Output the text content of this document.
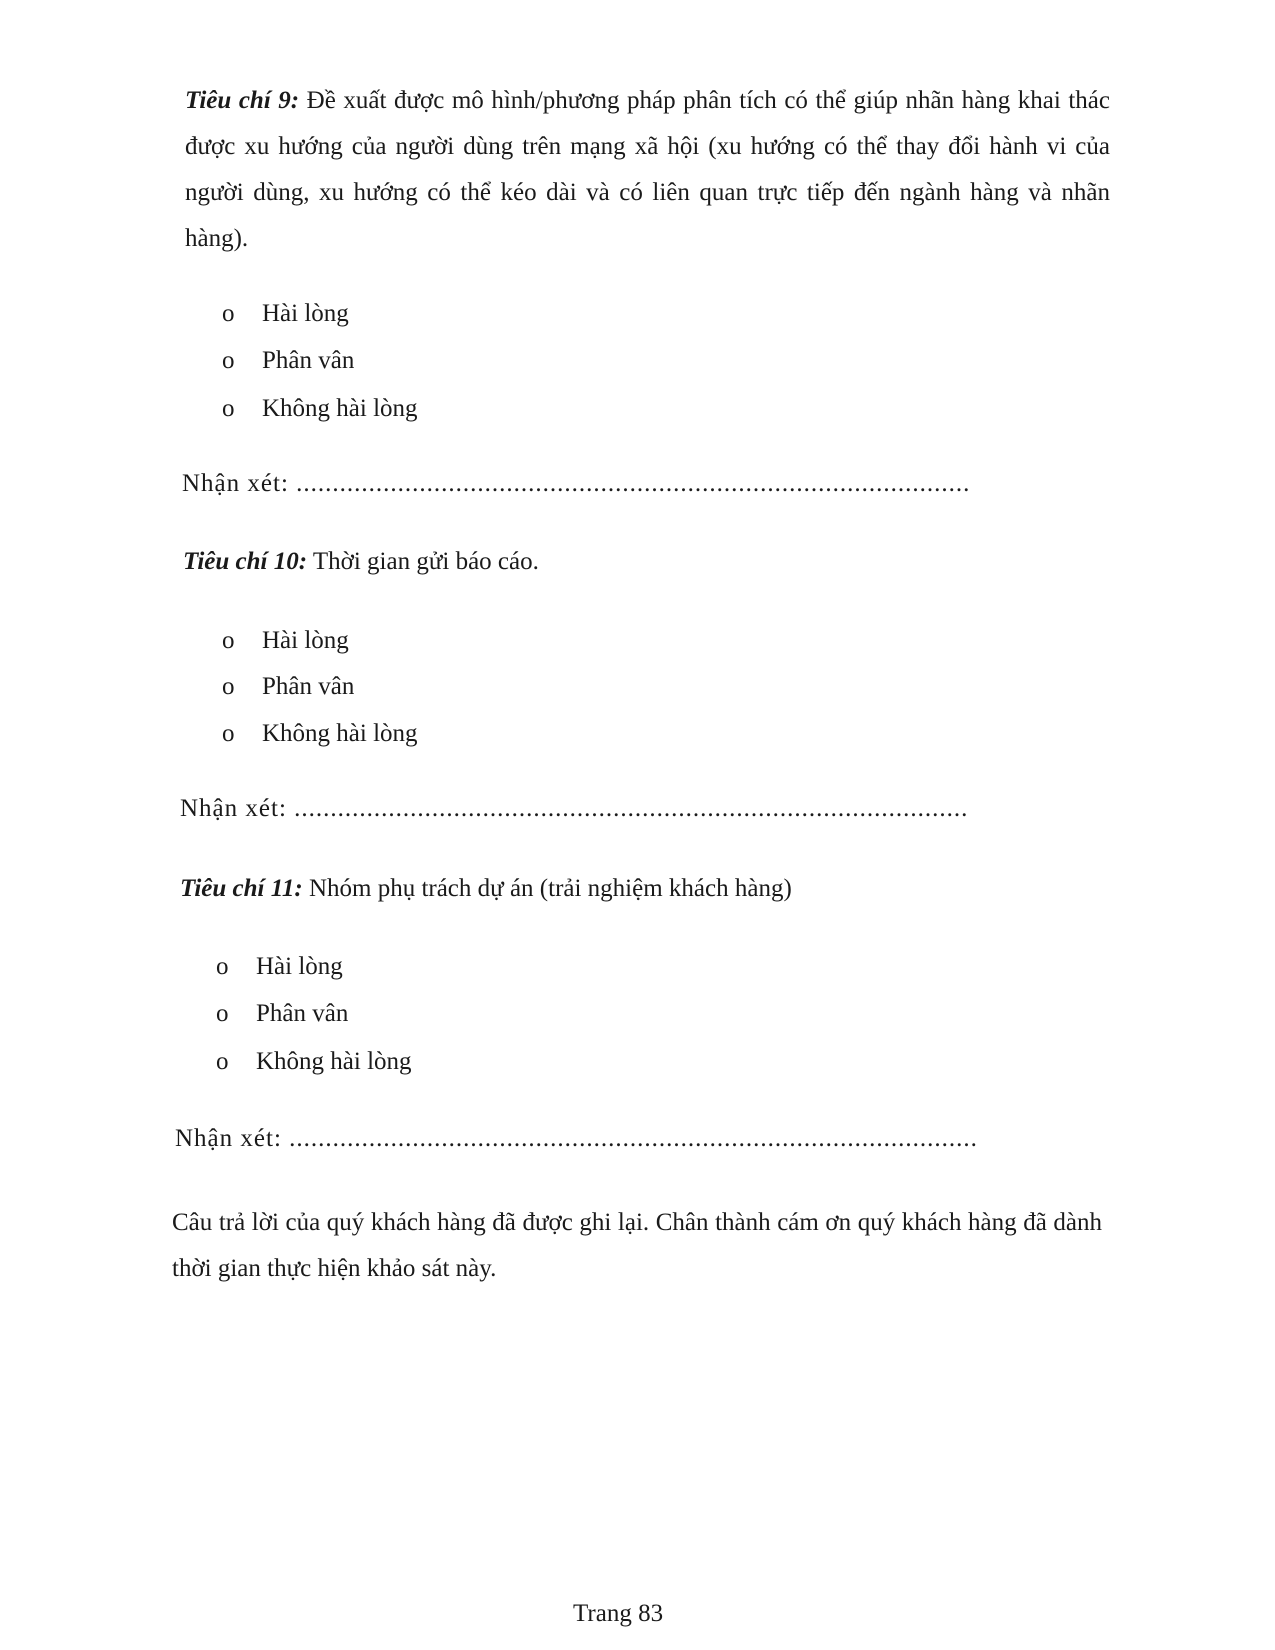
Tiêu chí 9: Đề xuất được mô hình/phương pháp phân tích có thể giúp nhãn hàng khai thác được xu hướng của người dùng trên mạng xã hội (xu hướng có thể thay đổi hành vi của người dùng, xu hướng có thể kéo dài và có liên quan trực tiếp đến ngành hàng và nhãn hàng).
o Hài lòng
o Phân vân
o Không hài lòng
Nhận xét: .............................................................................................
Tiêu chí 10: Thời gian gửi báo cáo.
o Hài lòng
o Phân vân
o Không hài lòng
Nhận xét: .............................................................................................
Tiêu chí 11: Nhóm phụ trách dự án (trải nghiệm khách hàng)
o Hài lòng
o Phân vân
o Không hài lòng
Nhận xét: ...............................................................................................
Câu trả lời của quý khách hàng đã được ghi lại. Chân thành cám ơn quý khách hàng đã dành thời gian thực hiện khảo sát này.
Trang 83
